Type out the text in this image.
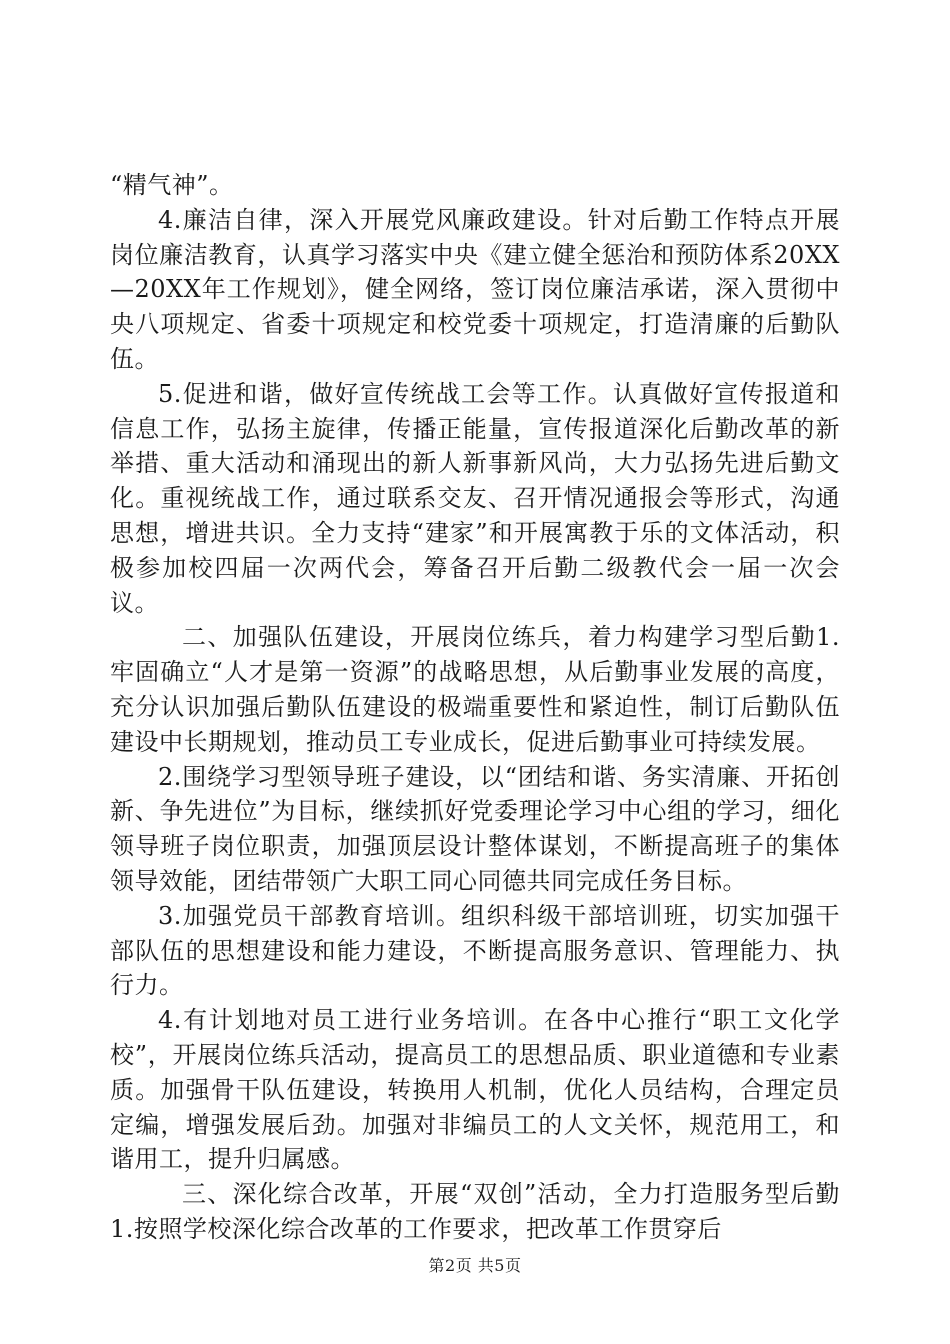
“精气神”。

4.廉洁自律，深入开展党风廉政建设。针对后勤工作特点开展岗位廉洁教育，认真学习落实中央《建立健全惩治和预防体系20XX—20XX年工作规划》，健全网络，签订岗位廉洁承诺，深入贯彻中央八项规定、省委十项规定和校党委十项规定，打造清廉的后勤队伍。

5.促进和谐，做好宣传统战工会等工作。认真做好宣传报道和信息工作，弘扬主旋律，传播正能量，宣传报道深化后勤改革的新举措、重大活动和涌现出的新人新事新风尚，大力弘扬先进后勤文化。重视统战工作，通过联系交友、召开情况通报会等形式，沟通思想，增进共识。全力支持“建家”和开展寓教于乐的文体活动，积极参加校四届一次两代会，筹备召开后勤二级教代会一届一次会议。

二、加强队伍建设，开展岗位练兵，着力构建学习型后勤1.牢固确立“人才是第一资源”的战略思想，从后勤事业发展的高度，充分认识加强后勤队伍建设的极端重要性和紧迫性，制订后勤队伍建设中长期规划，推动员工专业成长，促进后勤事业可持续发展。

2.围绕学习型领导班子建设，以“团结和谐、务实清廉、开拓创新、争先进位”为目标，继续抓好党委理论学习中心组的学习，细化领导班子岗位职责，加强顶层设计整体谋划，不断提高班子的集体领导效能，团结带领广大职工同心同德共同完成任务目标。

3.加强党员干部教育培训。组织科级干部培训班，切实加强干部队伍的思想建设和能力建设，不断提高服务意识、管理能力、执行力。

4.有计划地对员工进行业务培训。在各中心推行“职工文化学校”，开展岗位练兵活动，提高员工的思想品质、职业道德和专业素质。加强骨干队伍建设，转换用人机制，优化人员结构，合理定员定编，增强发展后劲。加强对非编员工的人文关怀，规范用工，和谐用工，提升归属感。

三、深化综合改革，开展“双创”活动，全力打造服务型后勤1.按照学校深化综合改革的工作要求，把改革工作贯穿后

第2页 共5页
